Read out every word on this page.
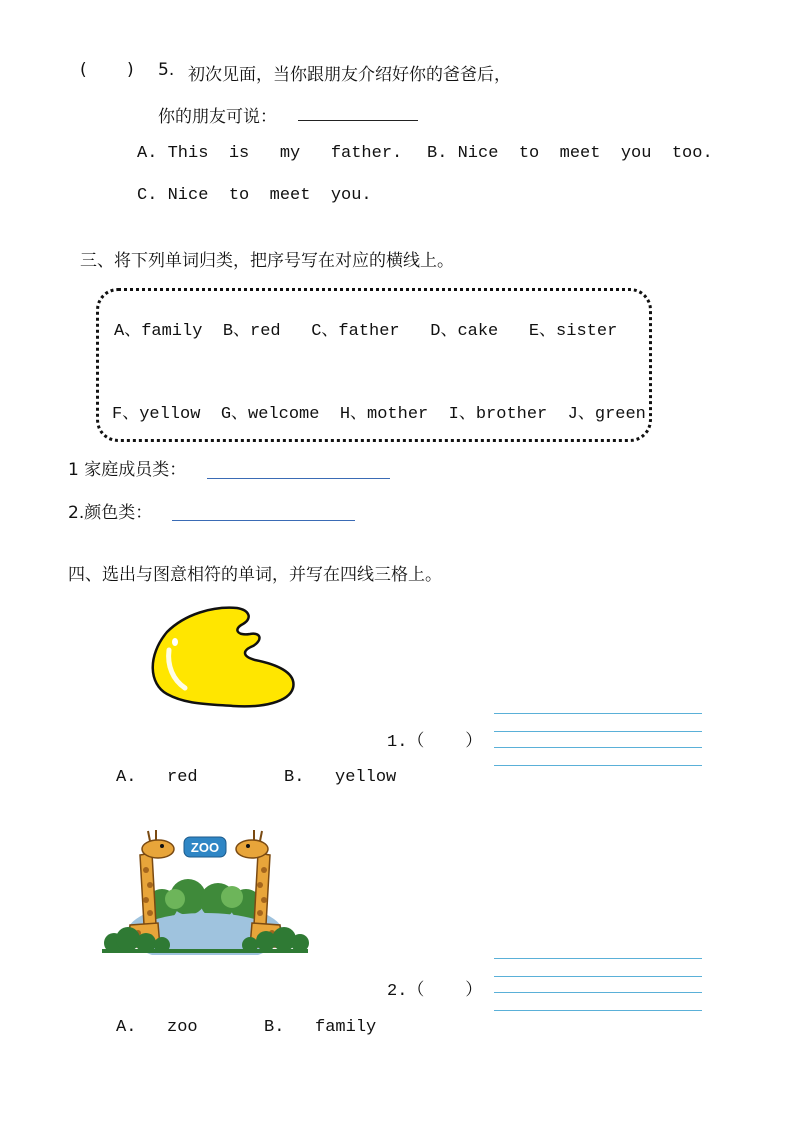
( ) 5. 初次见面，当你跟朋友介绍好你的爸爸后，
你的朋友可说：
A. This  is   my   father. B. Nice  to  meet  you  too.
C. Nice  to  meet  you.
三、将下列单词归类，把序号写在对应的横线上。
A、family  B、red   C、father   D、cake   E、sister
F、yellow  G、welcome  H、mother  I、brother  J、green
1 家庭成员类：
2.颜色类：
四、选出与图意相符的单词，并写在四线三格上。
1.（    ）
A.   red	B.   yellow
ZOO
2.（    ）
A.   zoo	B.   family
